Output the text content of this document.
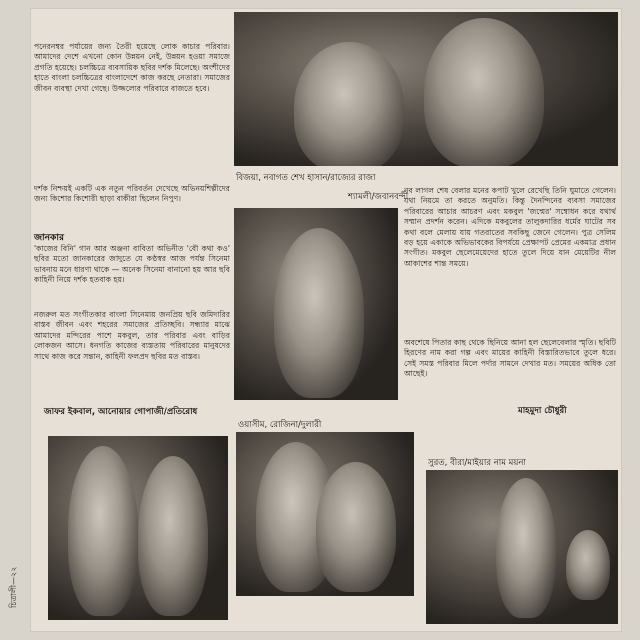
পনেরনম্বর পর্যায়ের জন্য তৈরী হয়েছে লোক কাচার পরিবার। আমাদের দেশে এখনো কোন উন্নয়ন নেই, উন্নয়ন হওয়া সমাজে প্রগতি হয়েছে। চলচ্চিত্রে ব্যবসায়িক ছবির দর্শক মিলেছে। অংশীদের হাতে বাংলা চলচ্চিত্রের বাংলাদেশে কাজ করছে নেতারা। সমাজের জীবন ব্যবস্থা দেখা গেছে। উজ্জল্যের পরিবারে বাজতে হবে।
দর্শক নিশ্চয়ই একটি এক নতুন পরিবর্তন দেখেছে অভিনয়শিল্পীদের জন্য কিশোর কিশোরী ছাড়া বাকীরা ছিলেন নিপুণ।
জানকার
'কাজের বিনি' গান আর অঞ্জনা বাবিতা অভিনীত 'বৌ কথা কও' ছবির মতো জানকারের জাদুতে যে কণ্ঠস্বর আজ পর্যন্ত সিনেমা ভাবনায় মনে ধারণা থাকে — অনেক সিনেমা বানানো হয় আর ছবি কাহিনী নিয়ে দর্শক হতবাক হয়।
নজরুল মত সংগীতকার বাংলা সিনেমায় জনপ্রিয় ছবি জমিদারির বাস্তব জীবন এবং শহরের সমাজের প্রতিচ্ছবি। সন্ধ্যার মাঝে আমাদের মন্দিরের পাশে মকবুল, তার পরিবার এবং বাড়ির লোকজন আসে। ধনগতি কাজের ব্যস্ততায় পরিবারের মানুষদের সাথে কাজ করে সন্তান, কাহিনী ফলপ্রদ ছবির মত বাস্তব।
বিজয়া, নবাগত শেখ হাসান/রাজ্যের রাজা
শ্যামলী/জবানবন্দী
নব লাগল শেষ বেলার মনের কপাট খুলে রেখেছি তিনি ঘুমাতে গেলেন। যথা নিয়মে তা করতে অনুমতি। কিন্তু দৈনন্দিনের ব্যবসা সমাজের পরিবারের আচার আচরণ এবং মকবুল 'জন্মের' সম্বোধন করে যথার্থ সম্মান প্রদর্শন করেন। এদিকে মকবুলের তালুকদারির ধর্মের ঘাটের সব কথা বলে মেলায় যায় গতরাতের সবকিছু জেনে গেলেন। পুত্র সেলিম বড় হয়ে একাকে অভিভাবকের বিপর্যয়ে প্রেক্ষাপট প্রেমের একমাত্র প্রধান সংগীত। মকবুল ছেলেমেয়েদের হাতে তুলে দিয়ে যান মেয়েটির নীল আকাশের শান্ত সময়ে।
অবশেষে পিতার কাছ থেকে ছিনিয়ে আনা হল ছেলেবেলার স্মৃতি। ছবিটি হিরণের নাম করা গল্প এবং মায়ের কাহিনী বিস্তারিতভাবে তুলে ধরে। সেই সমস্ত পরিবার মিলে পর্দার সামনে দেখার মত। সময়ের অধিক তো আছেই।
মাহমুদা চৌধুরী
জাফর ইকবাল, আনোয়ার গোপাজী/প্রতিরোধ
ওয়াসীম, রোজিনা/দুলারী
সুরত, বীরা/মাইয়ার নাম ময়না
চিত্রালী—২২
